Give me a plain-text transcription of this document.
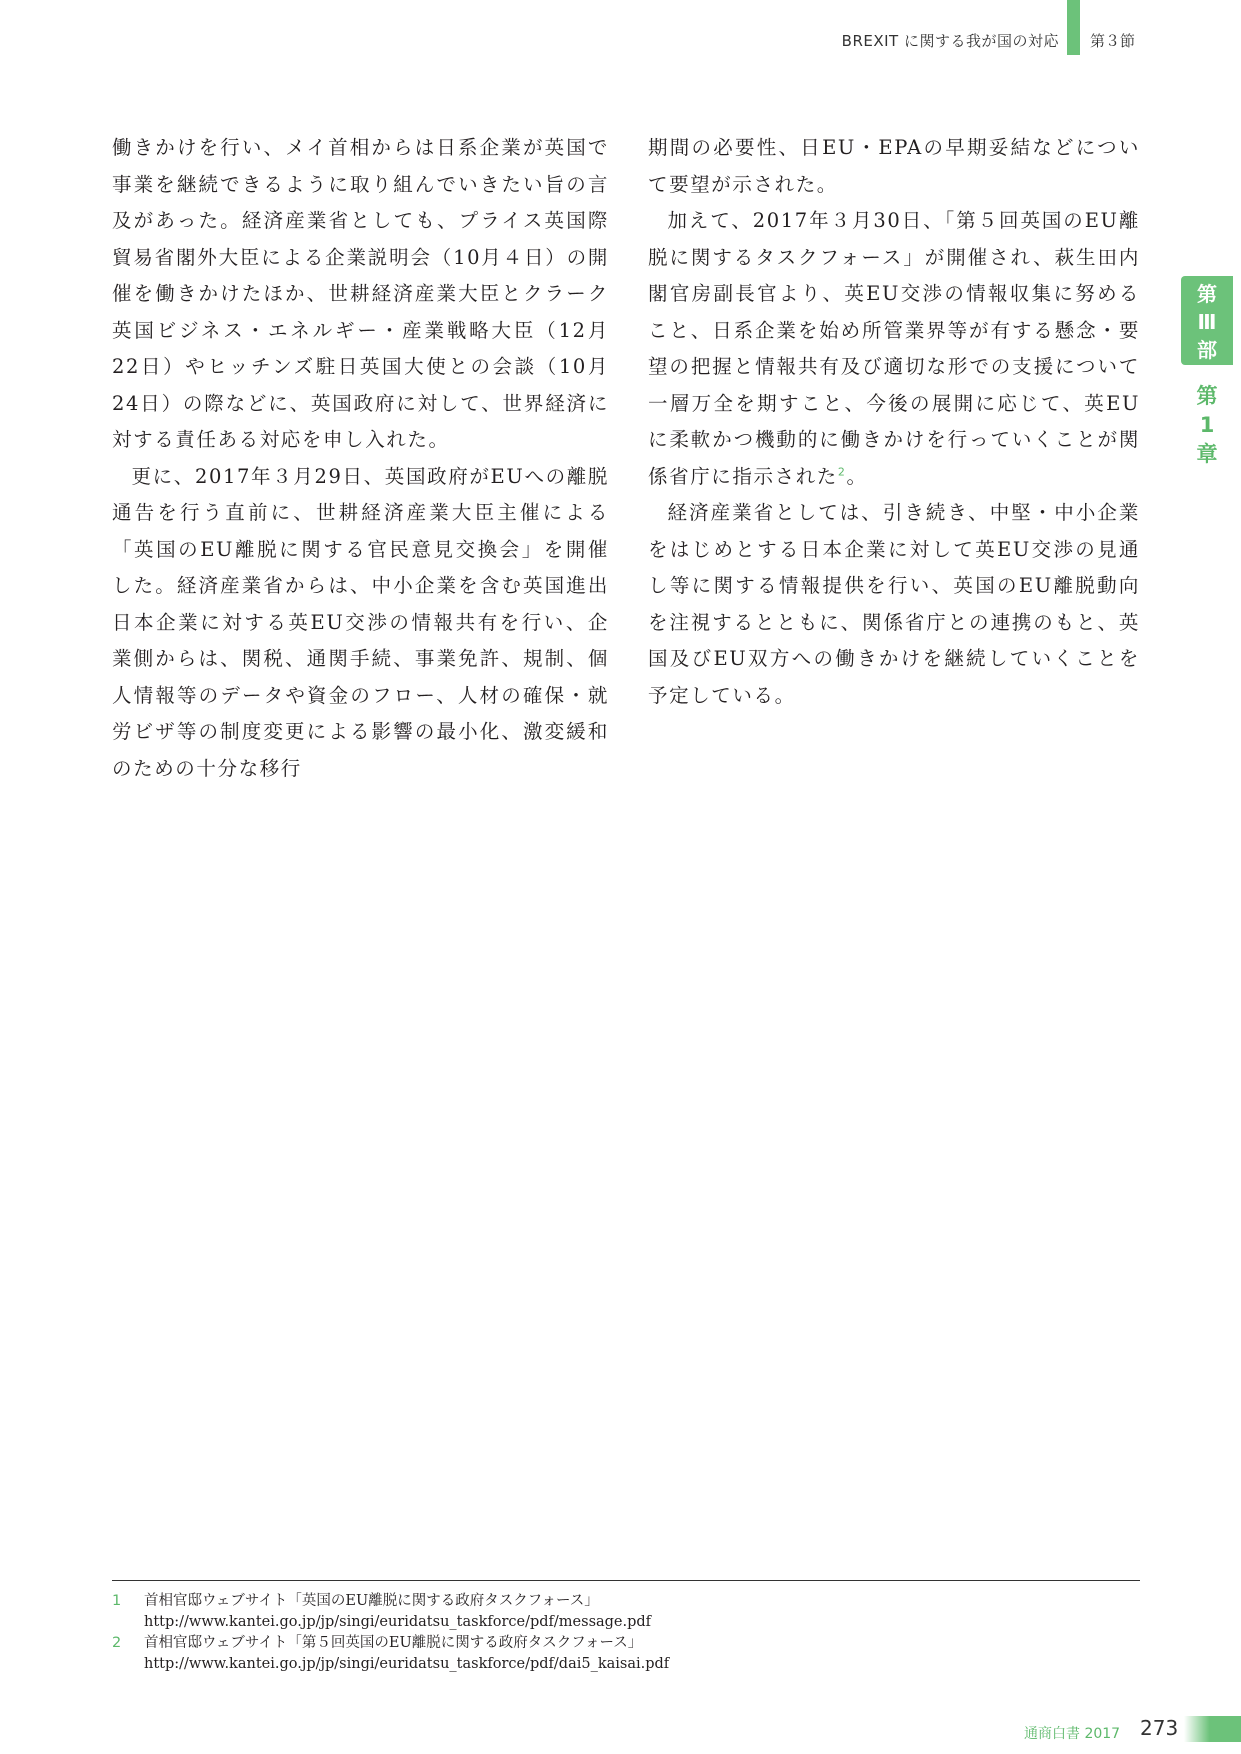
BREXIT に関する我が国の対応 第３節

働きかけを行い、メイ首相からは日系企業が英国で事業を継続できるように取り組んでいきたい旨の言及があった。経済産業省としても、プライス英国際貿易省閣外大臣による企業説明会（10月４日）の開催を働きかけたほか、世耕経済産業大臣とクラーク英国ビジネス・エネルギー・産業戦略大臣（12月22日）やヒッチンズ駐日英国大使との会談（10月24日）の際などに、英国政府に対して、世界経済に対する責任ある対応を申し入れた。

更に、2017年３月29日、英国政府がEUへの離脱通告を行う直前に、世耕経済産業大臣主催による「英国のEU離脱に関する官民意見交換会」を開催した。経済産業省からは、中小企業を含む英国進出日本企業に対する英EU交渉の情報共有を行い、企業側からは、関税、通関手続、事業免許、規制、個人情報等のデータや資金のフロー、人材の確保・就労ビザ等の制度変更による影響の最小化、激変緩和のための十分な移行

期間の必要性、日EU・EPAの早期妥結などについて要望が示された。

加えて、2017年３月30日、「第５回英国のEU離脱に関するタスクフォース」が開催され、萩生田内閣官房副長官より、英EU交渉の情報収集に努めること、日系企業を始め所管業界等が有する懸念・要望の把握と情報共有及び適切な形での支援について一層万全を期すこと、今後の展開に応じて、英EUに柔軟かつ機動的に働きかけを行っていくことが関係省庁に指示された$^2$。

経済産業省としては、引き続き、中堅・中小企業をはじめとする日本企業に対して英EU交渉の見通し等に関する情報提供を行い、英国のEU離脱動向を注視するとともに、関係省庁との連携のもと、英国及びEU双方への働きかけを継続していくことを予定している。

第
Ⅲ
部
第
1
章
1	首相官邸ウェブサイト「英国のEU離脱に関する政府タスクフォース」
http://www.kantei.go.jp/jp/singi/euridatsu_taskforce/pdf/message.pdf
2	首相官邸ウェブサイト「第５回英国のEU離脱に関する政府タスクフォース」
http://www.kantei.go.jp/jp/singi/euridatsu_taskforce/pdf/dai5_kaisai.pdf
通商白書 2017 273
